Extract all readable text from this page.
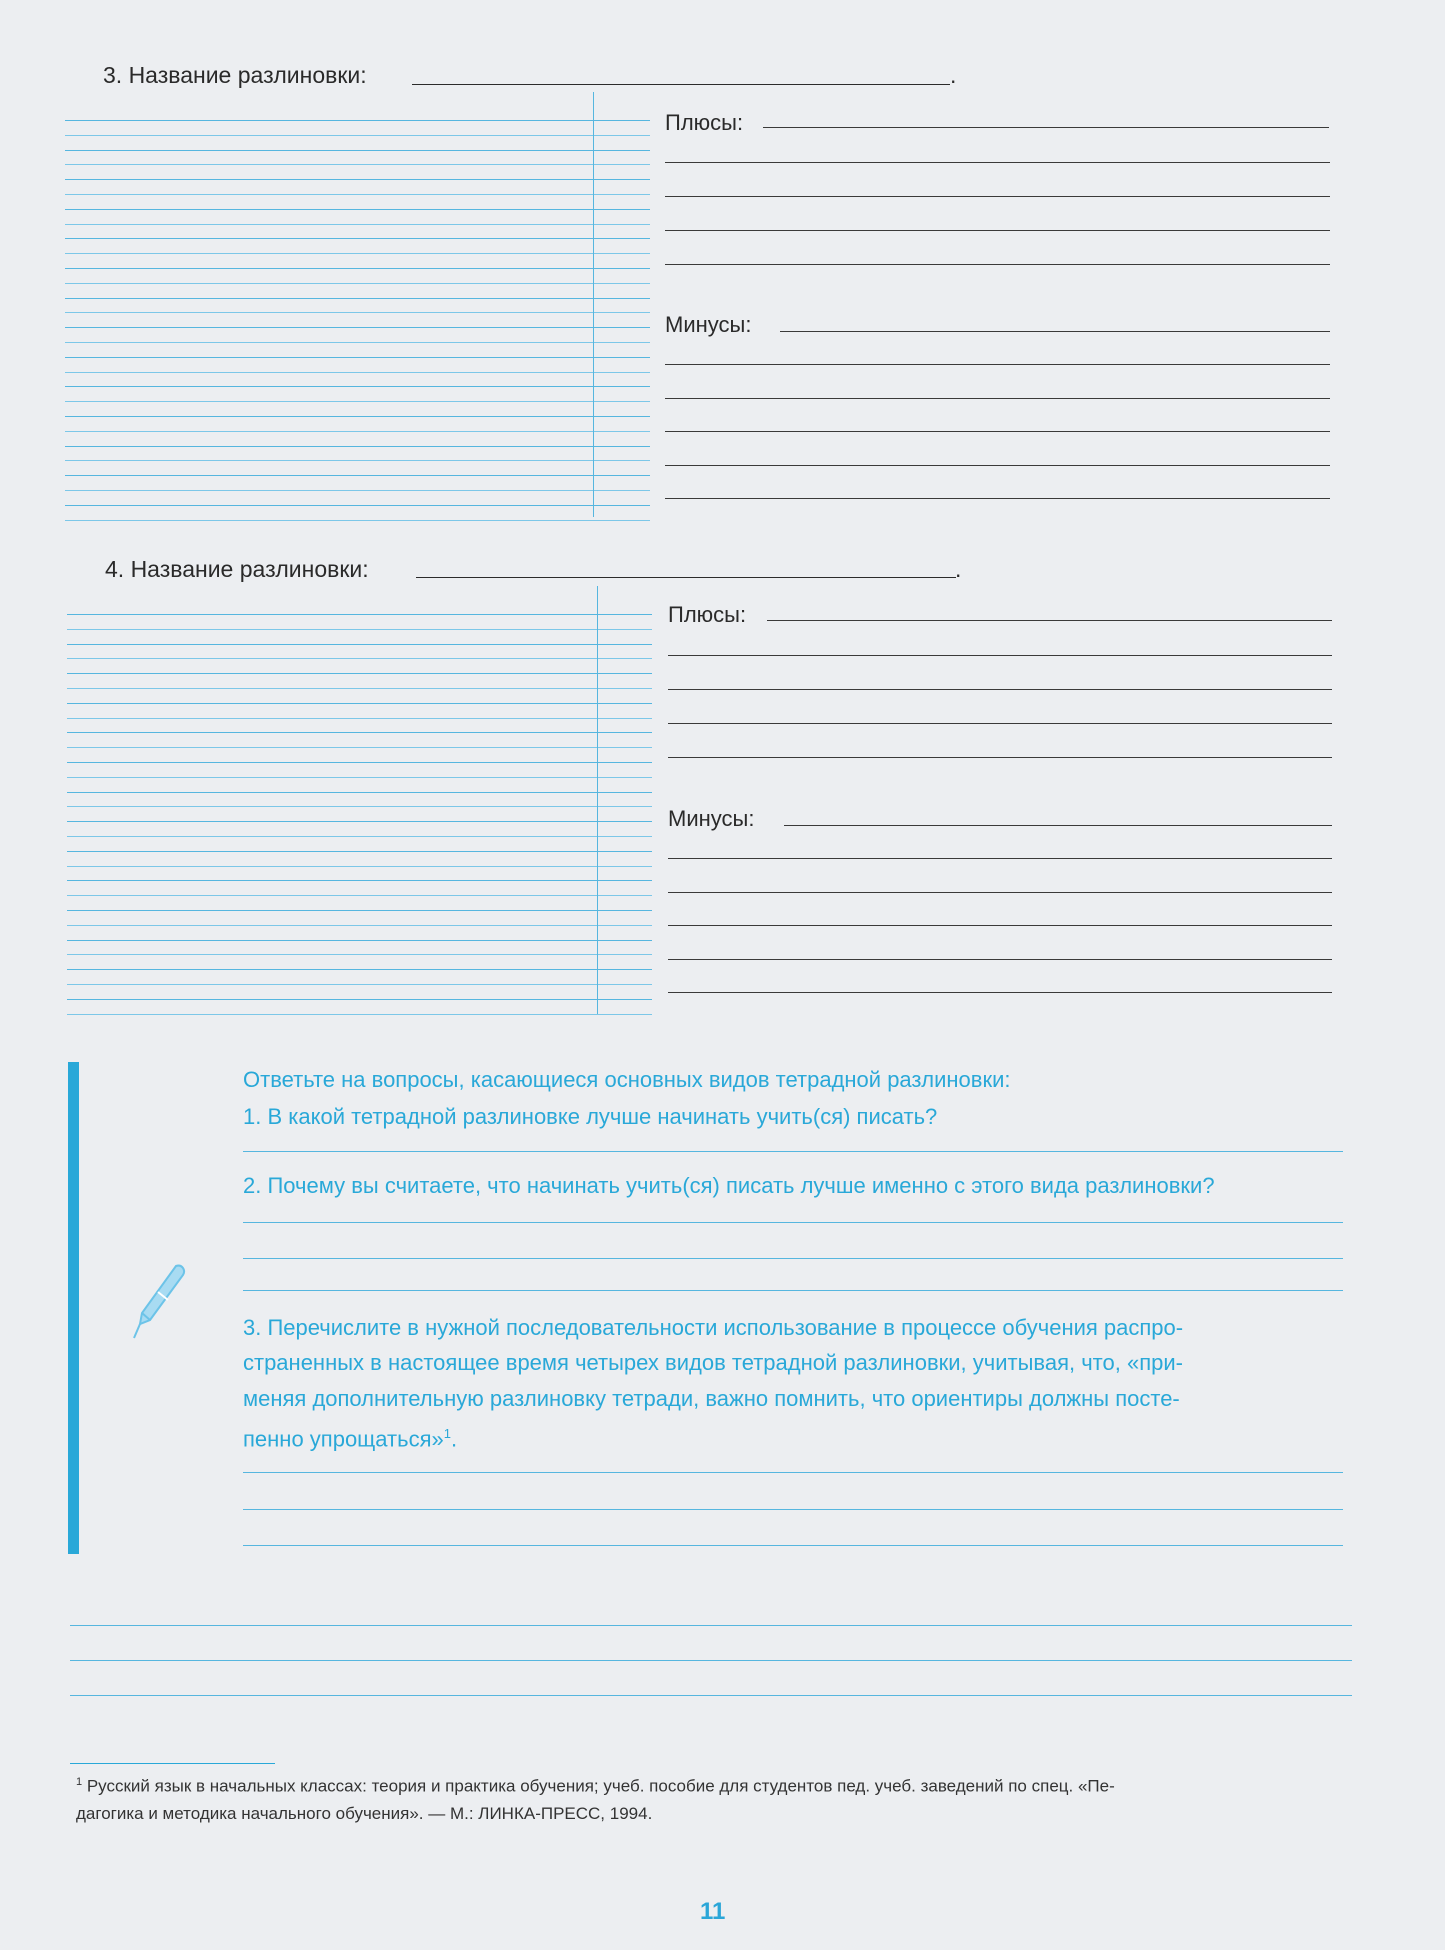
3. Название разлиновки:	.
Плюсы:
Минусы:
4. Название разлиновки:	.
Плюсы:
Минусы:
Ответьте на вопросы, касающиеся основных видов тетрадной разлиновки:
1. В какой тетрадной разлиновке лучше начинать учить(ся) писать?
2. Почему вы считаете, что начинать учить(ся) писать лучше именно с этого вида разлиновки?
3. Перечислите в нужной последовательности использование в процессе обучения распро-
страненных в настоящее время четырех видов тетрадной разлиновки, учитывая, что, «при-
меняя дополнительную разлиновку тетради, важно помнить, что ориентиры должны посте-
пенно упрощаться»$^1$.
$^1$ Русский язык в начальных классах: теория и практика обучения; учеб. пособие для студентов пед. учеб. заведений по спец. «Пе-
дагогика и методика начального обучения». — М.: ЛИНКА-ПРЕСС, 1994.
11
